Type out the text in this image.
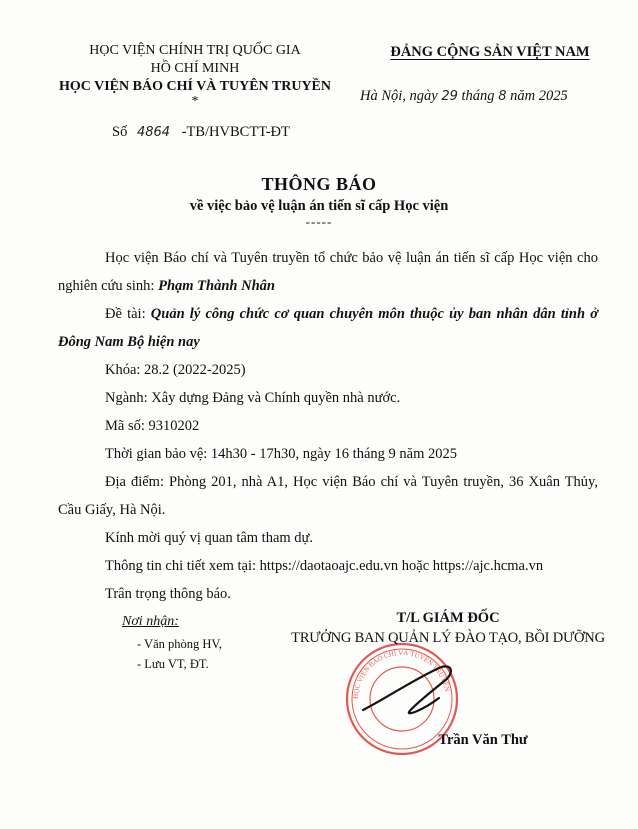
HỌC VIỆN CHÍNH TRỊ QUỐC GIA
HỒ CHÍ MINH
HỌC VIỆN BÁO CHÍ VÀ TUYÊN TRUYỀN
*
ĐẢNG CỘNG SẢN VIỆT NAM
Hà Nội, ngày 29 tháng 8 năm 2025
Số 4864 -TB/HVBCTT-ĐT
THÔNG BÁO
về việc bảo vệ luận án tiến sĩ cấp Học viện
-----

Học viện Báo chí và Tuyên truyền tổ chức bảo vệ luận án tiến sĩ cấp Học viện cho nghiên cứu sinh: Phạm Thành Nhân

Đề tài: Quản lý công chức cơ quan chuyên môn thuộc ủy ban nhân dân tỉnh ở Đông Nam Bộ hiện nay

Khóa: 28.2 (2022-2025)

Ngành: Xây dựng Đảng và Chính quyền nhà nước.

Mã số: 9310202

Thời gian bảo vệ: 14h30 - 17h30, ngày 16 tháng 9 năm 2025

Địa điểm: Phòng 201, nhà A1, Học viện Báo chí và Tuyên truyền, 36 Xuân Thủy, Cầu Giấy, Hà Nội.

Kính mời quý vị quan tâm tham dự.

Thông tin chi tiết xem tại: https://daotaoajc.edu.vn hoặc https://ajc.hcma.vn

Trân trọng thông báo.

Nơi nhận:
- Văn phòng HV,
- Lưu VT, ĐT.
HỌC VIỆN BÁO CHÍ VÀ TUYÊN TRUYỀN
T/L GIÁM ĐỐC
TRƯỞNG BAN QUẢN LÝ ĐÀO TẠO, BỒI DƯỠNG
Trần Văn Thư
